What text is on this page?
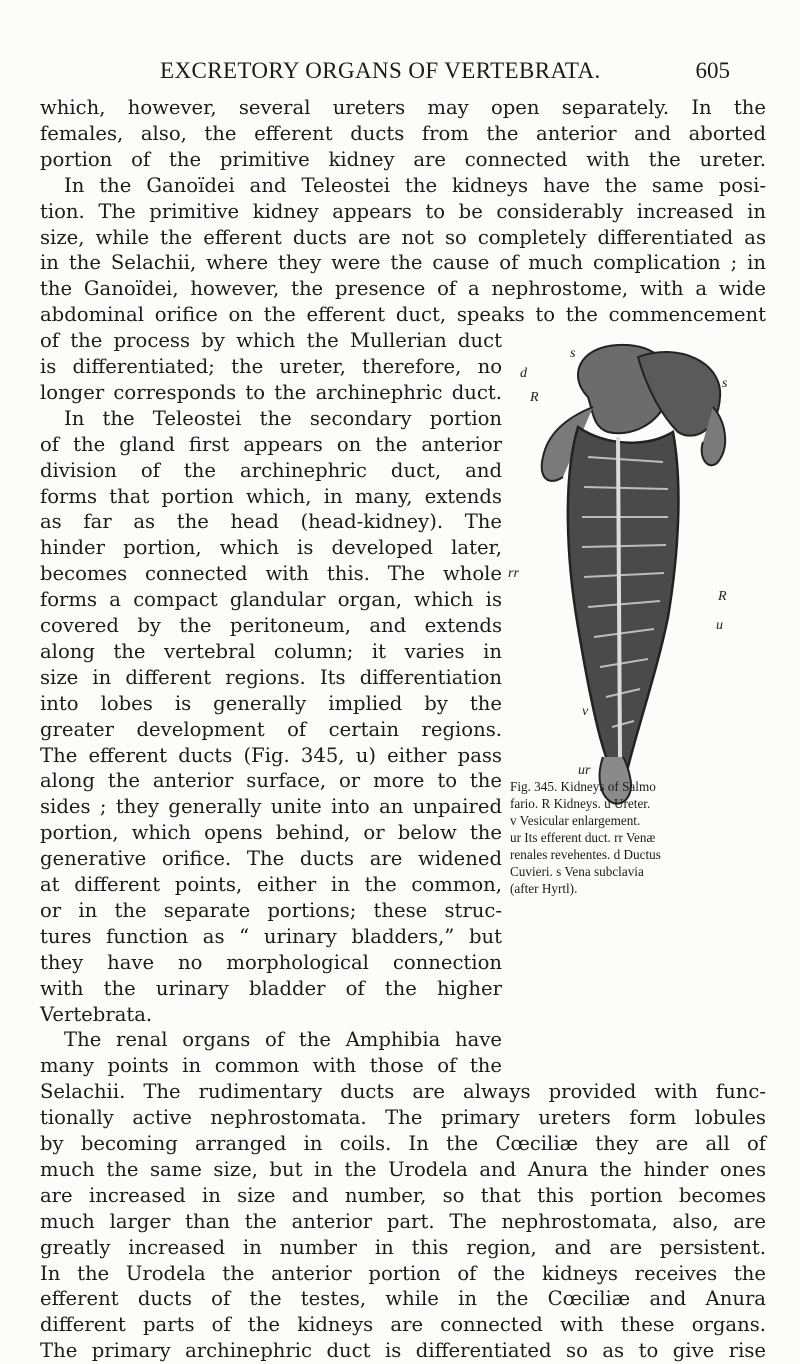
EXCRETORY ORGANS OF VERTEBRATA.	605
which, however, several ureters may open separately. In the
females, also, the efferent ducts from the anterior and aborted
portion of the primitive kidney are connected with the ureter.
In the Ganoïdei and Teleostei the kidneys have the same posi-
tion. The primitive kidney appears to be considerably increased in
size, while the efferent ducts are not so completely differentiated as
in the Selachii, where they were the cause of much complication ; in
the Ganoïdei, however, the presence of a nephrostome, with a wide
abdominal orifice on the efferent duct, speaks to the commencement
of the process by which the Mullerian duct
is differentiated; the ureter, therefore, no
longer corresponds to the archinephric duct.
In the Teleostei the secondary portion
of the gland first appears on the anterior
division of the archinephric duct, and
forms that portion which, in many, extends
as far as the head (head-kidney). The
hinder portion, which is developed later,
becomes connected with this. The whole
forms a compact glandular organ, which is
covered by the peritoneum, and extends
along the vertebral column; it varies in
size in different regions. Its differentiation
into lobes is generally implied by the
greater development of certain regions.
The efferent ducts (Fig. 345, u) either pass
along the anterior surface, or more to the
sides ; they generally unite into an unpaired
portion, which opens behind, or below the
generative orifice. The ducts are widened
at different points, either in the common,
or in the separate portions; these struc-
tures function as “ urinary bladders,” but
they have no morphological connection
with the urinary bladder of the higher
Vertebrata.
The renal organs of the Amphibia have
many points in common with those of the
Selachii. The rudimentary ducts are always provided with func-
tionally active nephrostomata. The primary ureters form lobules
by becoming arranged in coils. In the Cœciliæ they are all of
much the same size, but in the Urodela and Anura the hinder ones
are increased in size and number, so that this portion becomes
much larger than the anterior part. The nephrostomata, also, are
greatly increased in number in this region, and are persistent.
In the Urodela the anterior portion of the kidneys receives the
efferent ducts of the testes, while in the Cœciliæ and Anura
different parts of the kidneys are connected with these organs.
The primary archinephric duct is differentiated so as to give rise
s
d
R
s
rr
R
u
v
ur
Fig. 345. Kidneys of Salmo
fario. R Kidneys. u Ureter.
v Vesicular enlargement.
ur Its efferent duct. rr Venæ
renales revehentes. d Ductus
Cuvieri. s Vena subclavia
(after Hyrtl).
